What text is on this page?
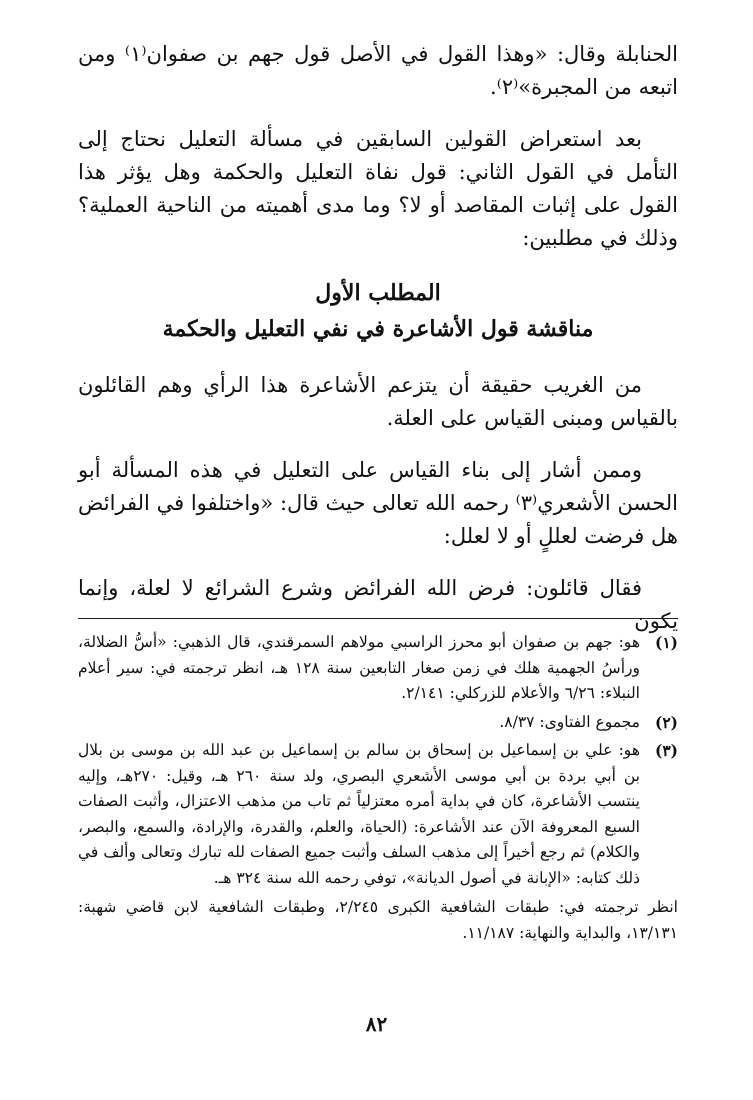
الحنابلة وقال: «وهذا القول في الأصل قول جهم بن صفوان⁽١⁾ ومن اتبعه من المجبرة»⁽٢⁾.

بعد استعراض القولين السابقين في مسألة التعليل نحتاج إلى التأمل في القول الثاني: قول نفاة التعليل والحكمة وهل يؤثر هذا القول على إثبات المقاصد أو لا؟ وما مدى أهميته من الناحية العملية؟ وذلك في مطلبين:

المطلب الأول
مناقشة قول الأشاعرة في نفي التعليل والحكمة

من الغريب حقيقة أن يتزعم الأشاعرة هذا الرأي وهم القائلون بالقياس ومبنى القياس على العلة.

وممن أشار إلى بناء القياس على التعليل في هذه المسألة أبو الحسن الأشعري⁽٣⁾ رحمه الله تعالى حيث قال: «واختلفوا في الفرائض هل فرضت لعللٍ أو لا لعلل:

فقال قائلون: فرض الله الفرائض وشرع الشرائع لا لعلة، وإنما يكون

(١)
هو: جهم بن صفوان أبو محرز الراسبي مولاهم السمرقندي، قال الذهبي: «أسُّ الضلالة، ورأسُ الجهمية هلك في زمن صغار التابعين سنة ١٢٨ هـ، انظر ترجمته في: سير أعلام النبلاء: ٦/٢٦ والأعلام للزركلي: ٢/١٤١.
(٢)
مجموع الفتاوى: ٨/٣٧.
(٣)
هو: علي بن إسماعيل بن إسحاق بن سالم بن إسماعيل بن عبد الله بن موسى بن بلال بن أبي بردة بن أبي موسى الأشعري البصري، ولد سنة ٢٦٠ هـ، وقيل: ٢٧٠هـ، وإليه ينتسب الأشاعرة، كان في بداية أمره معتزلياً ثم تاب من مذهب الاعتزال، وأثبت الصفات السبع المعروفة الآن عند الأشاعرة: (الحياة، والعلم، والقدرة، والإرادة، والسمع، والبصر، والكلام) ثم رجع أخيراً إلى مذهب السلف وأثبت جميع الصفات لله تبارك وتعالى وألف في ذلك كتابه: «الإبانة في أصول الديانة»، توفي رحمه الله سنة ٣٢٤ هـ.
انظر ترجمته في: طبقات الشافعية الكبرى ٢/٢٤٥، وطبقات الشافعية لابن قاضي شهبة: ١٣/١٣١، والبداية والنهاية: ١١/١٨٧.
٨٢
